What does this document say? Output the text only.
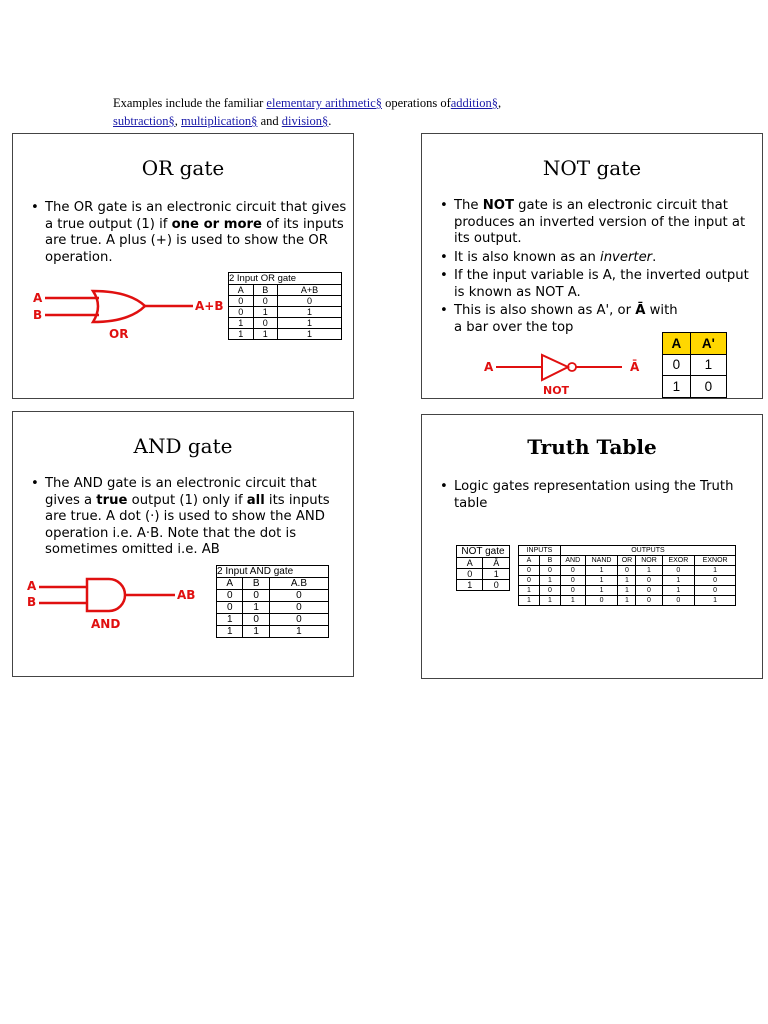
Examples include the familiar elementary arithmetic§ operations ofaddition§,
subtraction§, multiplication§ and division§.
OR gate
• The OR gate is an electronic circuit that gives a true output (1) if one or more of its inputs are true. A plus (+) is used to show the OR operation.
A
B
A+B
OR
2 Input OR gate		
A	B	A+B
0	0	0
0	1	1
1	0	1
1	1	1
NOT gate
• The NOT gate is an electronic circuit that produces an inverted version of the input at its output.
• It is also known as an inverter.
• If the input variable is A, the inverted output is known as NOT A.
• This is also shown as A', or Ā with a bar over the top
A	Ā
NOT
A	A'
0	1
1	0
AND gate
• The AND gate is an electronic circuit that gives a true output (1) only if all its inputs are true. A dot (·) is used to show the AND operation i.e. A·B. Note that the dot is sometimes omitted i.e. AB
A
B	AB
AND
2 Input AND gate		
A	B	A.B
0	0	0
0	1	0
1	0	0
1	1	1
Truth Table
• Logic gates representation using the Truth table
NOT gate	
A	Ā
0	1
1	0
INPUTS		OUTPUTS					
A	B	AND	NAND	OR	NOR	EXOR	EXNOR
0	0	0	1	0	1	0	1
0	1	0	1	1	0	1	0
1	0	0	1	1	0	1	0
1	1	1	0	1	0	0	1
